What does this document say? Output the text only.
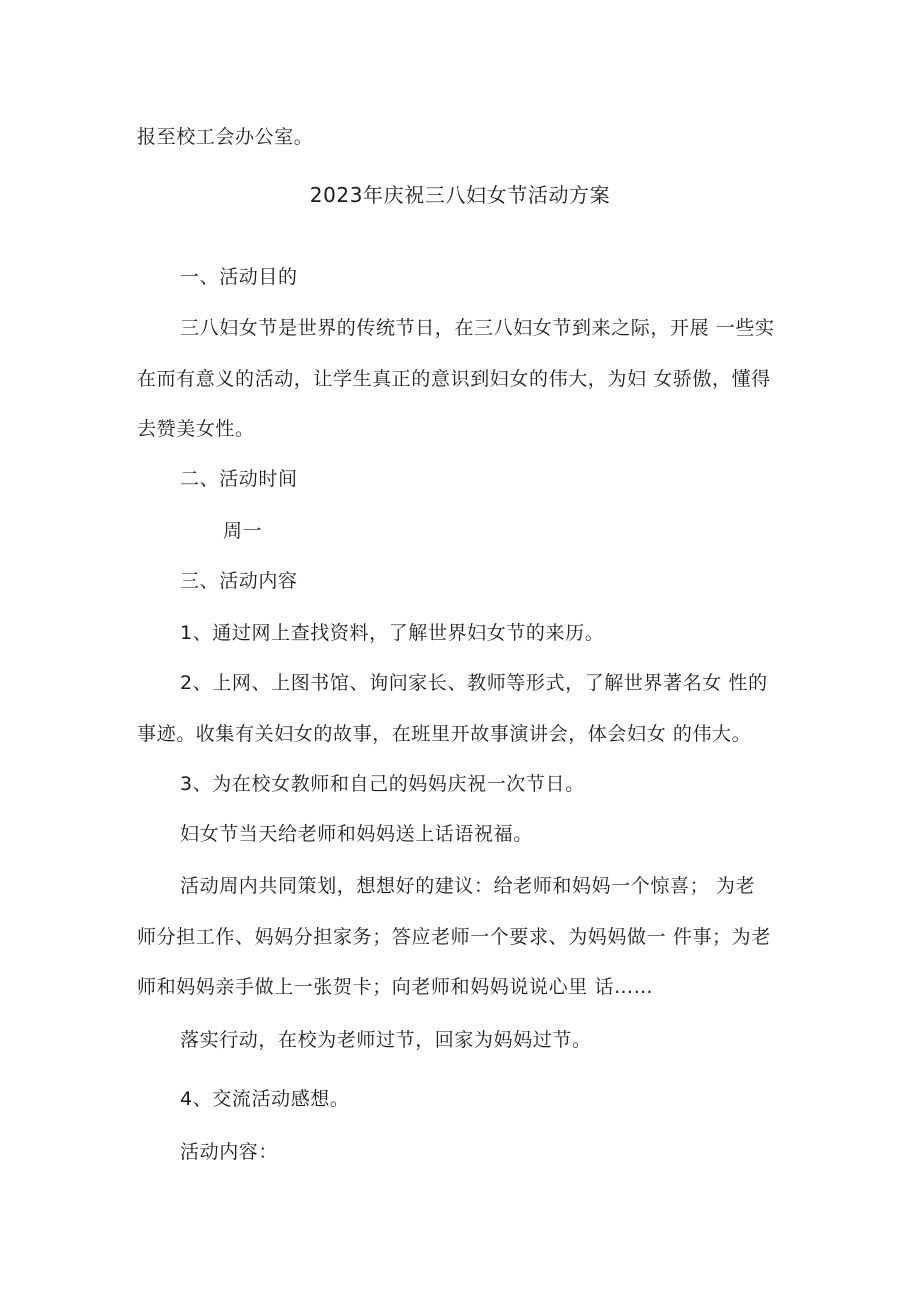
报至校工会办公室。

2023年庆祝三八妇女节活动方案

一、活动目的

三八妇女节是世界的传统节日，在三八妇女节到来之际，开展 一些实

在而有意义的活动，让学生真正的意识到妇女的伟大，为妇 女骄傲，懂得

去赞美女性。

二、活动时间

周一

三、活动内容

1、通过网上查找资料，了解世界妇女节的来历。

2、上网、上图书馆、询问家长、教师等形式，了解世界著名女 性的

事迹。收集有关妇女的故事，在班里开故事演讲会，体会妇女 的伟大。

3、为在校女教师和自己的妈妈庆祝一次节日。

妇女节当天给老师和妈妈送上话语祝福。

活动周内共同策划，想想好的建议：给老师和妈妈一个惊喜； 为老

师分担工作、妈妈分担家务；答应老师一个要求、为妈妈做一 件事；为老

师和妈妈亲手做上一张贺卡；向老师和妈妈说说心里 话……

落实行动，在校为老师过节，回家为妈妈过节。

4、交流活动感想。

活动内容：
